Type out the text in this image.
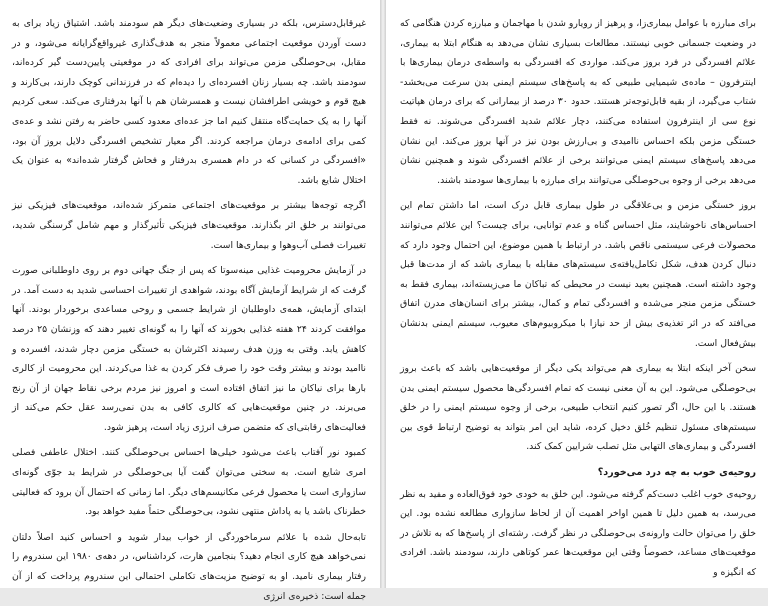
غیرقابل‌دسترس، بلکه در بسیاری وضعیت‌های دیگر هم سودمند باشد. اشتیاق زیاد برای به دست آوردن موقعیت اجتماعی معمولاً منجر به هدف‌گذاری غیرواقع‌گرایانه می‌شود، و در مقابل، بی‌حوصلگی مزمن می‌تواند برای افرادی که در موقعیتی پایین‌دست گیر کرده‌اند، سودمند باشد. چه بسیار زنان افسرده‌ای را دیده‌ام که در فرزندانی کوچک دارند، بی‌کارند و هیچ قوم و خویشی اطرافشان نیست و همسرشان هم با آنها بدرفتاری می‌کند. سعی کردیم آنها را به یک حمایت‌گاه منتقل کنیم اما جز عده‌ای معدود کسی حاضر به رفتن نشد و عده‌ی کمی برای ادامه‌ی درمان مراجعه کردند. اگر معیار تشخیص افسردگی دلایل بروز آن بود، «افسردگی در کسانی که در دام همسری بدرفتار و فحاش گرفتار شده‌اند» به عنوان یک اختلال شایع باشد.

اگرچه توجه‌ها بیشتر بر موقعیت‌های اجتماعی متمرکز شده‌اند، موقعیت‌های فیزیکی نیز می‌توانند بر خلق اثر بگذارند. موقعیت‌های فیزیکی تأثیرگذار و مهم شامل گرسنگی شدید، تغییرات فصلی آب‌وهوا و بیماری‌ها است.

در آزمایش محرومیت غذایی مینه‌سوتا که پس از جنگ جهانی دوم بر روی داوطلبانی صورت گرفت که از شرایط آزمایش آگاه بودند، شواهدی از تغییرات احساسی شدید به دست آمد. در ابتدای آزمایش، همه‌ی داوطلبان از شرایط جسمی و روحی مساعدی برخوردار بودند. آنها موافقت کردند ۲۴ هفته غذایی بخورند که آنها را به گونه‌ای تغییر دهند که وزنشان ۲۵ درصد کاهش یابد. وقتی به وزن هدف رسیدند اکثرشان به خستگی مزمن دچار شدند، افسرده و ناامید بودند و بیشتر وقت خود را صرف فکر کردن به غذا می‌کردند. این محرومیت از کالری بارها برای نیاکان ما نیز اتفاق افتاده است و امروز نیز مردم برخی نقاط جهان از آن رنج می‌برند. در چنین موقعیت‌هایی که کالری کافی به بدن نمی‌رسد عقل حکم می‌کند از فعالیت‌های رقابتی‌ای که متضمن صرف انرژی زیاد است، پرهیز شود.

کمبود نور آفتاب باعث می‌شود خیلی‌ها احساس بی‌حوصلگی کنند. اختلال عاطفی فصلی امری شایع است. به سختی می‌توان گفت آیا بی‌حوصلگی در شرایط بد جوّی گونه‌ای سازواری است یا محصول فرعی مکانیسم‌های دیگر. اما زمانی که احتمال آن برود که فعالیتی خطرناک باشد یا به پاداش منتهی نشود، بی‌حوصلگی حتماً مفید خواهد بود.

تابه‌حال شده با علائم سرماخوردگی از خواب بیدار شوید و احساس کنید اصلاً دلتان نمی‌خواهد هیچ کاری انجام دهید؟ بنجامین هارت، کرداشناس، در دهه‌ی ۱۹۸۰ این سندروم را رفتار بیماری نامید. او به توضیح مزیت‌های تکاملی احتمالی این سندروم پرداخت که از آن جمله است: ذخیره‌ی انرژی

برای مبارزه با عوامل بیماری‌زا، و پرهیز از رویارو شدن با مهاجمان و مبارزه کردن هنگامی که در وضعیت جسمانی خوبی نیستند. مطالعات بسیاری نشان می‌دهد به هنگام ابتلا به بیماری، علائم افسردگی در فرد بروز می‌کند. مواردی که افسردگی به واسطه‌ی درمان بیماری‌ها با اینترفرون – ماده‌ی شیمیایی طبیعی که به پاسخ‌های سیستم ایمنی بدن سرعت می‌بخشد- شتاب می‌گیرد، از بقیه قابل‌توجه‌تر هستند. حدود ۳۰ درصد از بیمارانی که برای درمان هپاتیت نوع سی از اینترفرون استفاده می‌کنند، دچار علائم شدید افسردگی می‌شوند. نه فقط خستگی مزمن بلکه احساس ناامیدی و بی‌ارزش بودن نیز در آنها بروز می‌کند. این نشان می‌دهد پاسخ‌های سیستم ایمنی می‌توانند برخی از علائم افسردگی شوند و همچنین نشان می‌دهد برخی از وجوه بی‌حوصلگی می‌توانند برای مبارزه با بیماری‌ها سودمند باشند.

بروز خستگی مزمن و بی‌علاقگی در طول بیماری قابل درک است، اما داشتن تمام این احساس‌های ناخوشایند، مثل احساس گناه و عدم توانایی، برای چیست؟ این علائم می‌توانند محصولات فرعی سیستمی ناقص باشد. در ارتباط با همین موضوع، این احتمال وجود دارد که دنبال کردن هدف، شکل تکامل‌یافته‌ی سیستم‌های مقابله با بیماری باشد که از مدت‌ها قبل وجود داشته است. همچنین بعید نیست در محیطی که تباکان ما می‌زیسته‌اند، بیماری فقط به خستگی مزمن منجر می‌شده و افسردگی تمام و کمال، بیشتر برای انسان‌های مدرن اتفاق می‌افتد که در اثر تغذیه‌ی بیش از حد نیازا با میکروبیوم‌های معیوب، سیستم ایمنی بدنشان بیش‌فعال است.

سخن آخر اینکه ابتلا به بیماری هم می‌تواند یکی دیگر از موقعیت‌هایی باشد که باعث بروز بی‌حوصلگی می‌شود. این به آن معنی نیست که تمام افسردگی‌ها محصول سیستم ایمنی بدن هستند. با این حال، اگر تصور کنیم انتخاب طبیعی، برخی از وجوه سیستم ایمنی را در خلق سیستم‌های مسئول تنظیم خُلق دخیل کرده، شاید این امر بتواند به توضیح ارتباط قوی بین افسردگی و بیماری‌های التهابی مثل تصلب شرایین کمک کند.

روحیه‌ی خوب به چه درد می‌خورد؟

روحیه‌ی خوب اغلب دست‌کم گرفته می‌شود. این خلق به خودی خود فوق‌العاده و مفید به نظر می‌رسد، به همین دلیل تا همین اواخر اهمیت آن از لحاظ سازواری مطالعه نشده بود. این خلق را می‌توان حالت وارونه‌ی بی‌حوصلگی در نظر گرفت. رشته‌ای از پاسخ‌ها که به تلاش در موقعیت‌های مساعد، خصوصاً وقتی این موقعیت‌ها عمر کوتاهی دارند، سودمند باشد. افرادی که انگیزه و
